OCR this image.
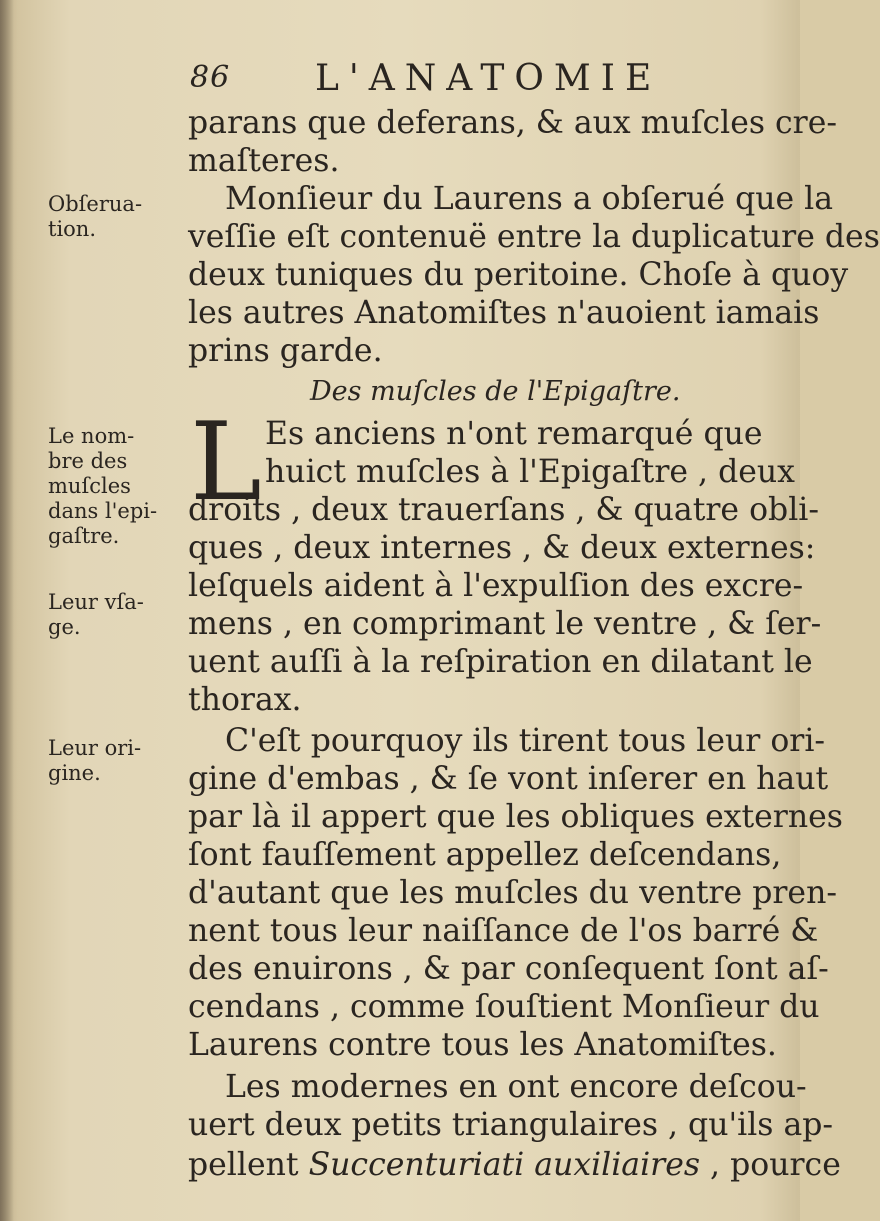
86 L'ANATOMIE
parans que deferans, & aux muſcles cre-
maſteres.
Monſieur du Laurens a obſerué que la
veſſie eſt contenuë entre la duplicature des
deux tuniques du peritoine. Choſe à quoy
les autres Anatomiſtes n'auoient iamais
prins garde.
Des muſcles de l'Epigaſtre.
L Es anciens n'ont remarqué que
huict muſcles à l'Epigaſtre , deux
droits , deux trauerſans , & quatre obli-
ques , deux internes , & deux externes:
leſquels aident à l'expulſion des excre-
mens , en comprimant le ventre , & ſer-
uent auſſi à la reſpiration en dilatant le
thorax.
C'eſt pourquoy ils tirent tous leur ori-
gine d'embas , & ſe vont inſerer en haut
par là il appert que les obliques externes
ſont fauſſement appellez deſcendans,
d'autant que les muſcles du ventre pren-
nent tous leur naiſſance de l'os barré &
des enuirons , & par conſequent ſont aſ-
cendans , comme ſouſtient Monſieur du
Laurens contre tous les Anatomiſtes.
Les modernes en ont encore deſcou-
uert deux petits triangulaires , qu'ils ap-
pellent Succenturiati auxiliaires , pource
Obſerua-
tion.
Le nom-
bre des
muſcles
dans l'epi-
gaſtre.
Leur vſa-
ge.
Leur ori-
gine.
